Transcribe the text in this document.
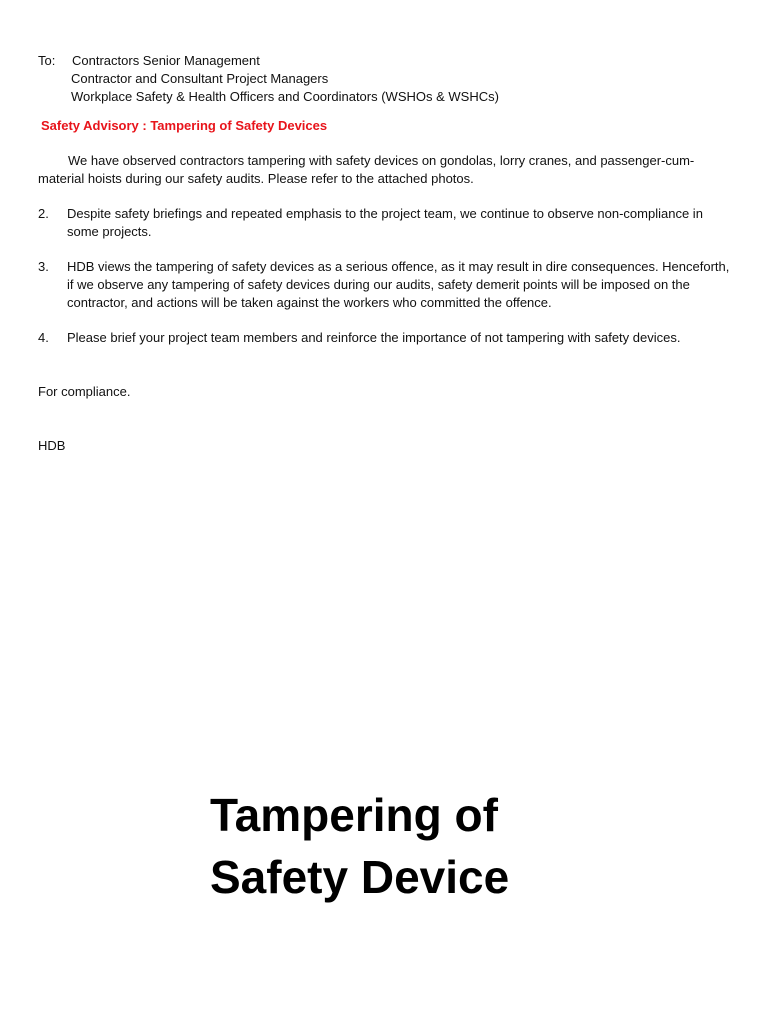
To:	Contractors Senior Management
Contractor and Consultant Project Managers
Workplace Safety & Health Officers and Coordinators (WSHOs & WSHCs)
Safety Advisory : Tampering of Safety Devices
We have observed contractors tampering with safety devices on gondolas, lorry cranes, and passenger-cum-material hoists during our safety audits. Please refer to the attached photos.
2.	Despite safety briefings and repeated emphasis to the project team, we continue to observe non-compliance in some projects.
3.	HDB views the tampering of safety devices as a serious offence, as it may result in dire consequences. Henceforth, if we observe any tampering of safety devices during our audits, safety demerit points will be imposed on the contractor, and actions will be taken against the workers who committed the offence.
4.	Please brief your project team members and reinforce the importance of not tampering with safety devices.
For compliance.
HDB
Tampering of
Safety Device
